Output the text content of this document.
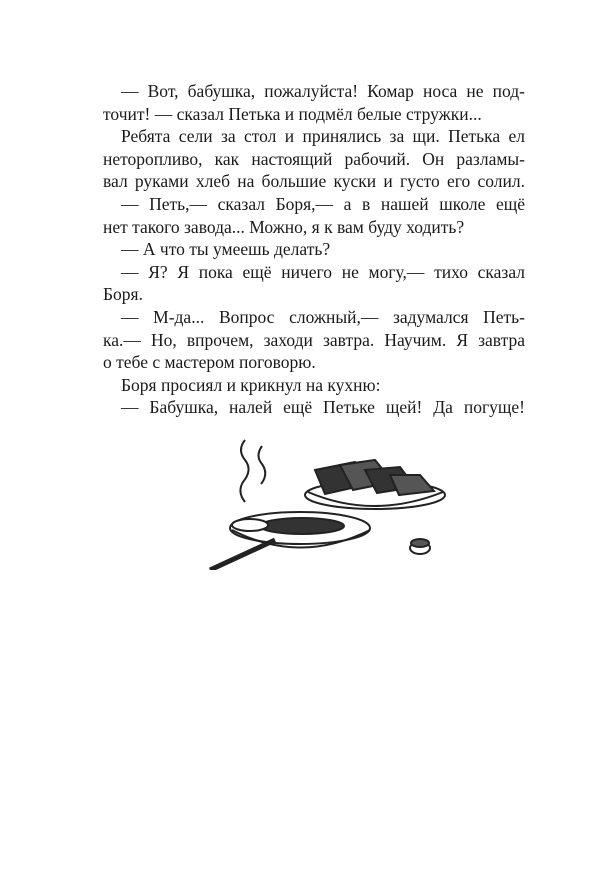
— Вот, бабушка, пожалуйста! Комар носа не под-
точит! — сказал Петька и подмёл белые стружки...
Ребята сели за стол и принялись за щи. Петька ел
неторопливо, как настоящий рабочий. Он разламы-
вал руками хлеб на большие куски и густо его солил.
— Петь,— сказал Боря,— а в нашей школе ещё
нет такого завода... Можно, я к вам буду ходить?
— А что ты умеешь делать?
— Я? Я пока ещё ничего не могу,— тихо сказал
Боря.
— М-да... Вопрос сложный,— задумался Петь-
ка.— Но, впрочем, заходи завтра. Научим. Я завтра
о тебе с мастером поговорю.
Боря просиял и крикнул на кухню:
— Бабушка, налей ещё Петьке щей! Да погуще!
